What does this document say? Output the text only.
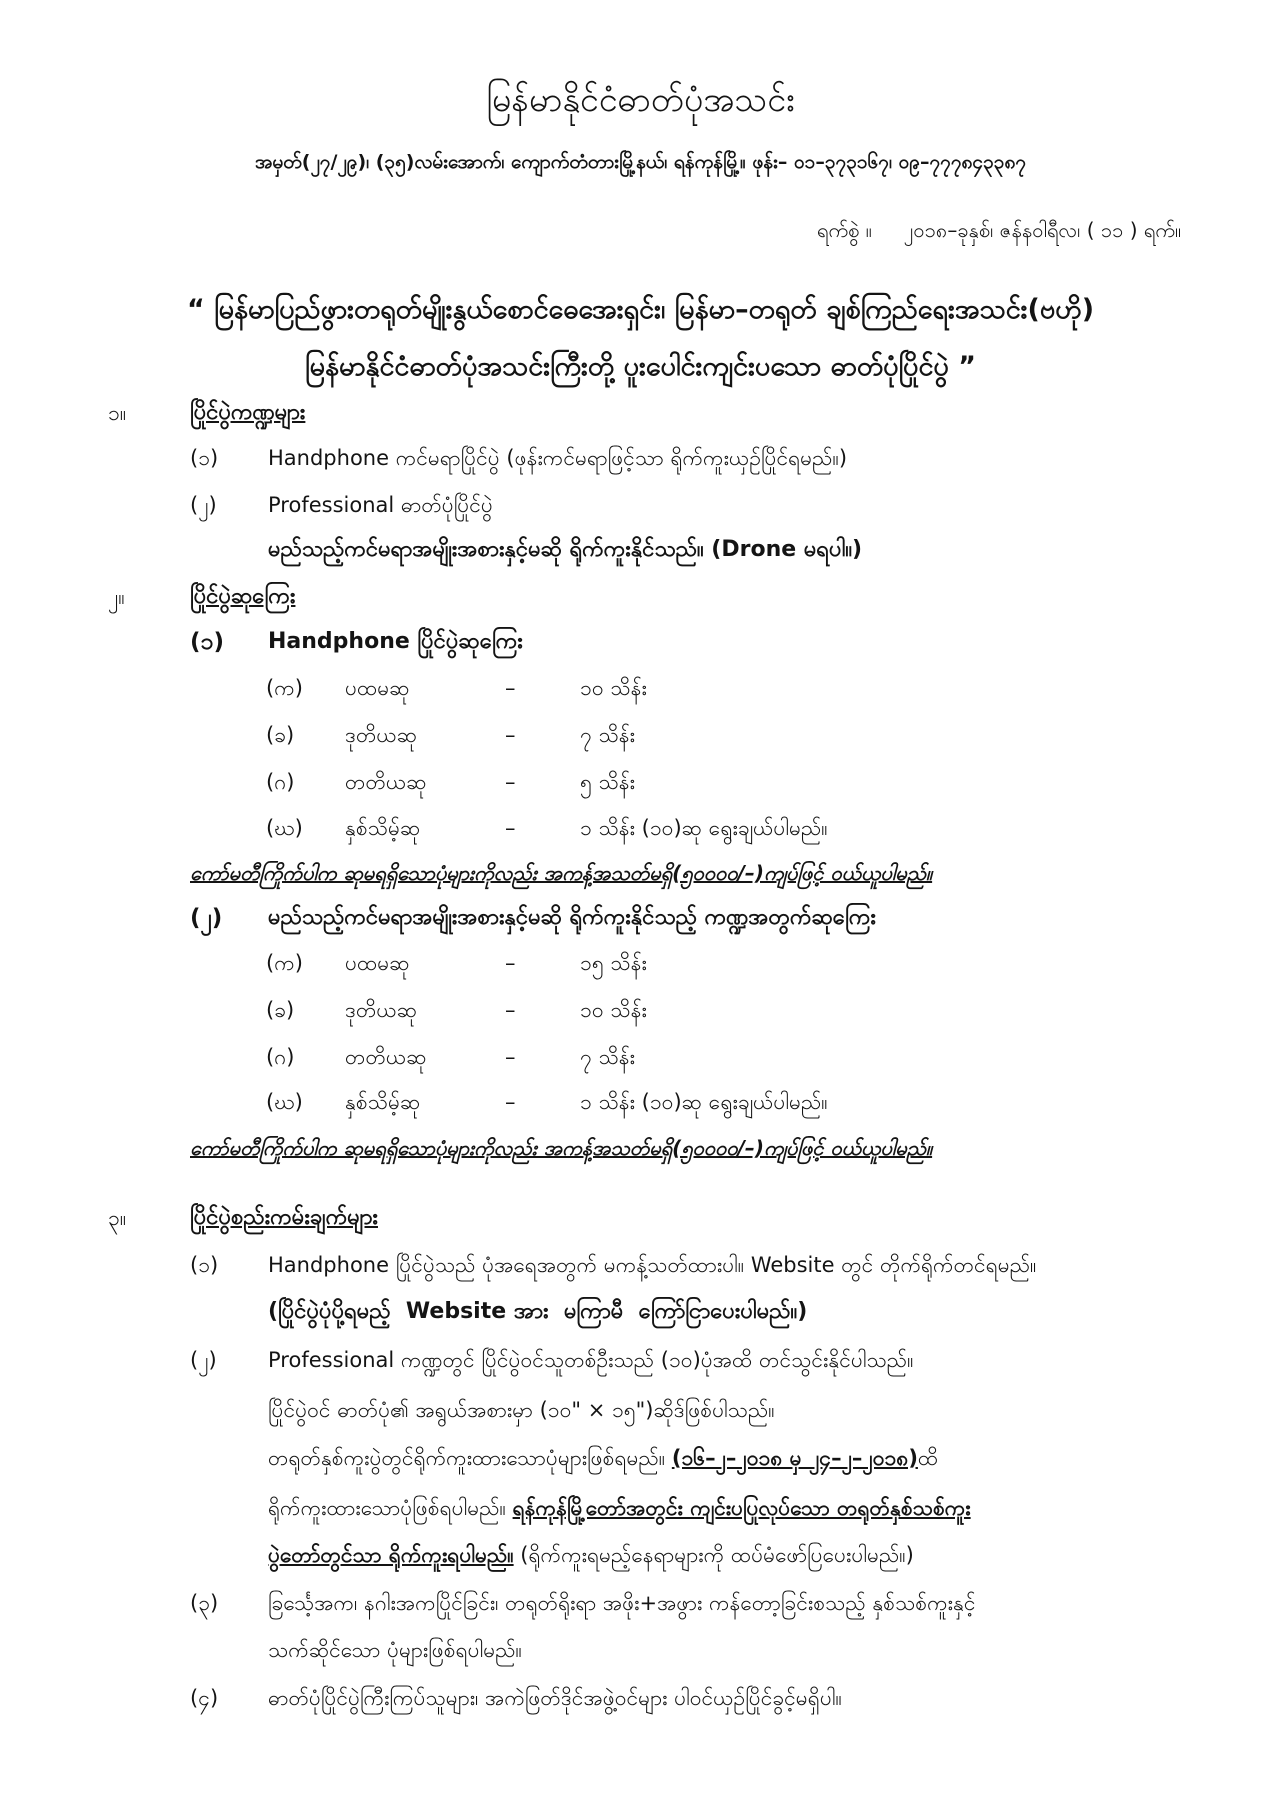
မြန်မာနိုင်ငံဓာတ်ပုံအသင်း
အမှတ်(၂၇/၂၉)၊ (၃၅)လမ်းအောက်၊ ကျောက်တံတားမြို့နယ်၊ ရန်ကုန်မြို့။ ဖုန်း– ၀၁–၃၇၃၁၆၇၊ ၀၉–၇၇၇၈၄၃၃၈၇
ရက်စွဲ ။ ၂၀၁၈–ခုနှစ်၊ ဇန်နဝါရီလ၊ ( ၁၁ ) ရက်။
“ မြန်မာပြည်ဖွားတရုတ်မျိုးနွယ်စောင်ဓေအေးရှင်း၊ မြန်မာ–တရုတ် ချစ်ကြည်ရေးအသင်း(ဗဟို)
မြန်မာနိုင်ငံဓာတ်ပုံအသင်းကြီးတို့ ပူးပေါင်းကျင်းပသော ဓာတ်ပုံပြိုင်ပွဲ ”
၁။	ပြိုင်ပွဲကဏ္ဍများ
(၁)	Handphone ကင်မရာပြိုင်ပွဲ (ဖုန်းကင်မရာဖြင့်သာ ရိုက်ကူးယှဉ်ပြိုင်ရမည်။)
(၂)	Professional ဓာတ်ပုံပြိုင်ပွဲ
မည်သည့်ကင်မရာအမျိုးအစားနှင့်မဆို ရိုက်ကူးနိုင်သည်။ (Drone မရပါ။)
၂။	ပြိုင်ပွဲဆုကြေး
(၁)	Handphone ပြိုင်ပွဲဆုကြေး
(က)	ပထမဆု	–	၁၀ သိန်း
(ခ)	ဒုတိယဆု	–	၇ သိန်း
(ဂ)	တတိယဆု	–	၅ သိန်း
(ဃ)	နှစ်သိမ့်ဆု	–	၁ သိန်း (၁၀)ဆု ရွေးချယ်ပါမည်။
ကော်မတီကြိုက်ပါက ဆုမရရှိသောပုံများကိုလည်း အကန့်အသတ်မရှိ(၅၀၀၀၀/–)ကျပ်ဖြင့် ဝယ်ယူပါမည်။
(၂)	မည်သည့်ကင်မရာအမျိုးအစားနှင့်မဆို ရိုက်ကူးနိုင်သည့် ကဏ္ဍအတွက်ဆုကြေး
(က)	ပထမဆု	–	၁၅ သိန်း
(ခ)	ဒုတိယဆု	–	၁၀ သိန်း
(ဂ)	တတိယဆု	–	၇ သိန်း
(ဃ)	နှစ်သိမ့်ဆု	–	၁ သိန်း (၁၀)ဆု ရွေးချယ်ပါမည်။
ကော်မတီကြိုက်ပါက ဆုမရရှိသောပုံများကိုလည်း အကန့်အသတ်မရှိ(၅၀၀၀၀/–)ကျပ်ဖြင့် ဝယ်ယူပါမည်။
၃။	ပြိုင်ပွဲစည်းကမ်းချက်များ
(၁)	Handphone ပြိုင်ပွဲသည် ပုံအရေအတွက် မကန့်သတ်ထားပါ။ Website တွင် တိုက်ရိုက်တင်ရမည်။
(ပြိုင်ပွဲပုံပို့ရမည့်  Website အား  မကြာမီ  ကြော်ငြာပေးပါမည်။)
(၂)	Professional ကဏ္ဍတွင် ပြိုင်ပွဲဝင်သူတစ်ဦးသည် (၁၀)ပုံအထိ တင်သွင်းနိုင်ပါသည်။
ပြိုင်ပွဲဝင် ဓာတ်ပုံ၏ အရွယ်အစားမှာ (၁၀" × ၁၅")ဆိုဒ်ဖြစ်ပါသည်။
တရုတ်နှစ်ကူးပွဲတွင်ရိုက်ကူးထားသောပုံများဖြစ်ရမည်။ (၁၆–၂–၂၀၁၈ မှ ၂၄–၂–၂၀၁၈)ထိ
ရိုက်ကူးထားသောပုံဖြစ်ရပါမည်။ ရန်ကုန်မြို့တော်အတွင်း ကျင်းပပြုလုပ်သော တရုတ်နှစ်သစ်ကူး
ပွဲတော်တွင်သာ ရိုက်ကူးရပါမည်။ (ရိုက်ကူးရမည့်နေရာများကို ထပ်မံဖော်ပြပေးပါမည်။)
(၃)	ခြင်္သေ့အက၊ နဂါးအကပြိုင်ခြင်း၊ တရုတ်ရိုးရာ အဖိုး+အဖွား ကန်တော့ခြင်းစသည့် နှစ်သစ်ကူးနှင့်
သက်ဆိုင်သော ပုံများဖြစ်ရပါမည်။
(၄)	ဓာတ်ပုံပြိုင်ပွဲကြီးကြပ်သူများ၊ အကဲဖြတ်ဒိုင်အဖွဲ့ဝင်များ ပါဝင်ယှဉ်ပြိုင်ခွင့်မရှိပါ။
